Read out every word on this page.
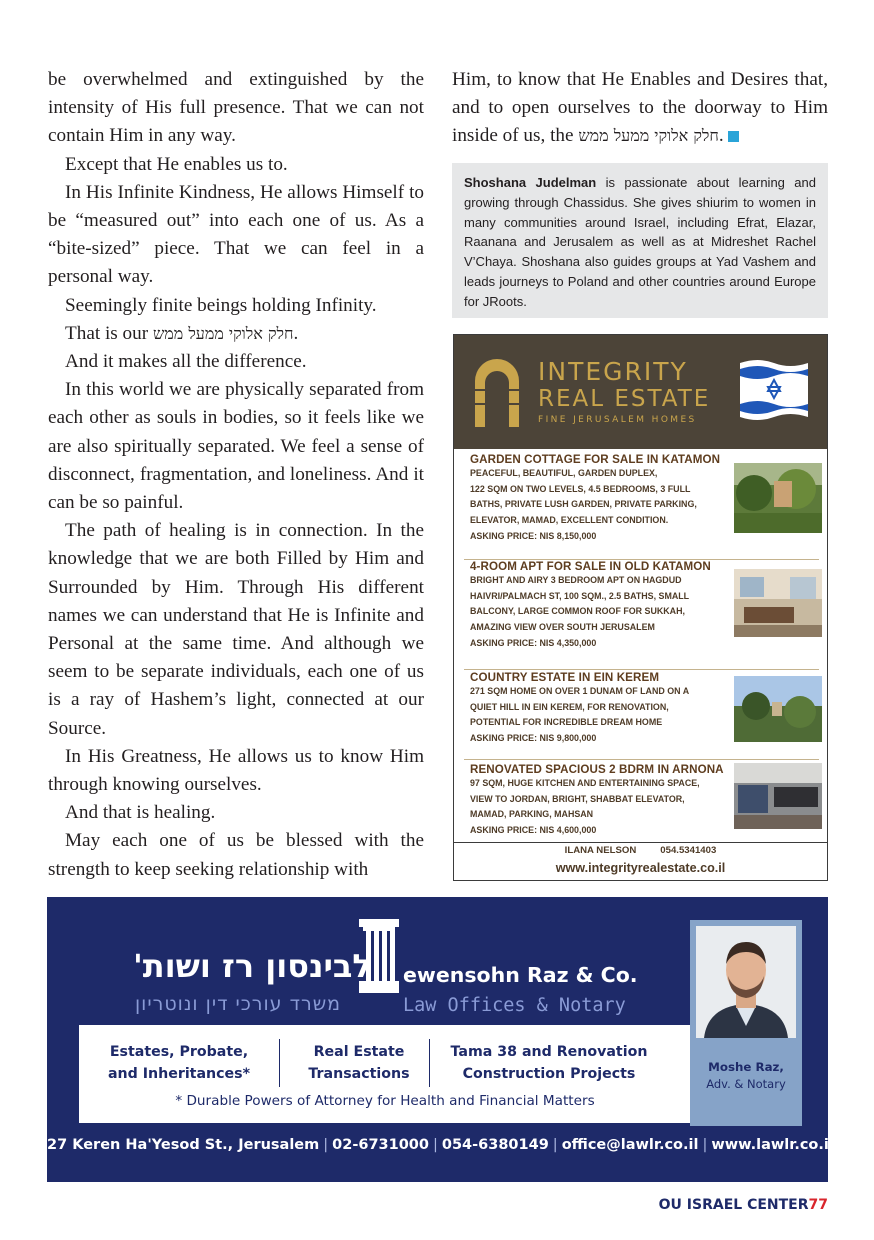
be overwhelmed and extinguished by the intensity of His full presence. That we can not contain Him in any way.

Except that He enables us to.

In His Infinite Kindness, He allows Himself to be “measured out” into each one of us. As a “bite-sized” piece. That we can feel in a personal way.

Seemingly finite beings holding Infinity.

That is our חלק אלוקי ממעל ממש.

And it makes all the difference.

In this world we are physically separated from each other as souls in bodies, so it feels like we are also spiritually separated. We feel a sense of disconnect, fragmentation, and loneliness. And it can be so painful.

The path of healing is in connection. In the knowledge that we are both Filled by Him and Surrounded by Him. Through His different names we can understand that He is Infinite and Personal at the same time. And although we seem to be separate individuals, each one of us is a ray of Hashem’s light, connected at our Source.

In His Greatness, He allows us to know Him through knowing ourselves.

And that is healing.

May each one of us be blessed with the strength to keep seeking relationship with

Him, to know that He Enables and Desires that, and to open ourselves to the doorway to Him inside of us, the חלק אלוקי ממעל ממש.

Shoshana Judelman is passionate about learning and growing through Chassidus. She gives shiurim to women in many communities around Israel, including Efrat, Elazar, Raanana and Jerusalem as well as at Midreshet Rachel V’Chaya. Shoshana also guides groups at Yad Vashem and leads journeys to Poland and other countries around Europe for JRoots.

INTEGRITY
REAL ESTATE
FINE JERUSALEM HOMES
GARDEN COTTAGE FOR SALE IN KATAMON
PEACEFUL, BEAUTIFUL, GARDEN DUPLEX,
122 SQM ON TWO LEVELS, 4.5 BEDROOMS, 3 FULL
BATHS, PRIVATE LUSH GARDEN, PRIVATE PARKING,
ELEVATOR, MAMAD, EXCELLENT CONDITION.
ASKING PRICE: NIS 8,150,000
4-ROOM APT FOR SALE IN OLD KATAMON
BRIGHT AND AIRY 3 BEDROOM APT ON HAGDUD
HAIVRI/PALMACH ST, 100 SQM., 2.5 BATHS, SMALL
BALCONY, LARGE COMMON ROOF FOR SUKKAH,
AMAZING VIEW OVER SOUTH JERUSALEM
ASKING PRICE: NIS 4,350,000
COUNTRY ESTATE IN EIN KEREM
271 SQM HOME ON OVER 1 DUNAM OF LAND ON A
QUIET HILL IN EIN KEREM, FOR RENOVATION,
POTENTIAL FOR INCREDIBLE DREAM HOME
ASKING PRICE: NIS 9,800,000
RENOVATED SPACIOUS 2 BDRM IN ARNONA
97 SQM, HUGE KITCHEN AND ENTERTAINING SPACE,
VIEW TO JORDAN, BRIGHT, SHABBAT ELEVATOR,
MAMAD, PARKING, MAHSAN
ASKING PRICE: NIS 4,600,000
ILANA NELSON	054.5341403
www.integrityrealestate.co.il
לבינסון רז ושות'
משרד עורכי דין ונוטריון
ewensohn Raz & Co.
Law Offices & Notary
Estates, Probate,
and Inheritances*
Real Estate
Transactions
Tama 38 and Renovation
Construction Projects
* Durable Powers of Attorney for Health and Financial Matters
Moshe Raz,
Adv. & Notary
27 Keren Ha'Yesod St., Jerusalem | 02-6731000 | 054-6380149 | office@lawlr.co.il | www.lawlr.co.il
OU ISRAEL CENTER77
